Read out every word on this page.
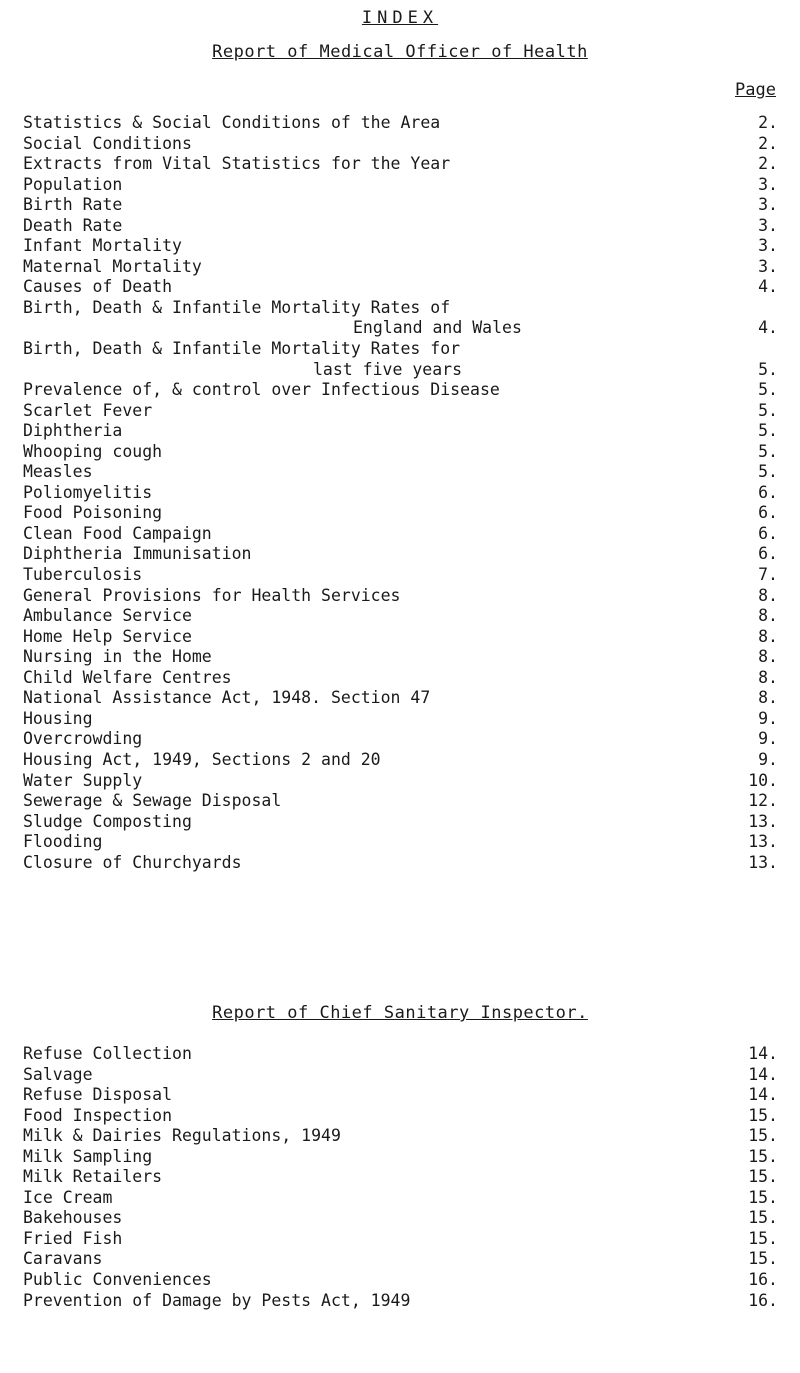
INDEX
Report of Medical Officer of Health
Page
Statistics & Social Conditions of the Area	2.
Social Conditions	2.
Extracts from Vital Statistics for the Year	2.
Population	3.
Birth Rate	3.
Death Rate	3.
Infant Mortality	3.
Maternal Mortality	3.
Causes of Death	4.
Birth, Death & Infantile Mortality Rates of
England and Wales	4.
Birth, Death & Infantile Mortality Rates for
last five years	5.
Prevalence of, & control over Infectious Disease	5.
Scarlet Fever	5.
Diphtheria	5.
Whooping cough	5.
Measles	5.
Poliomyelitis	6.
Food Poisoning	6.
Clean Food Campaign	6.
Diphtheria Immunisation	6.
Tuberculosis	7.
General Provisions for Health Services	8.
Ambulance Service	8.
Home Help Service	8.
Nursing in the Home	8.
Child Welfare Centres	8.
National Assistance Act, 1948. Section 47	8.
Housing	9.
Overcrowding	9.
Housing Act, 1949, Sections 2 and 20	9.
Water Supply	10.
Sewerage & Sewage Disposal	12.
Sludge Composting	13.
Flooding	13.
Closure of Churchyards	13.
Report of Chief Sanitary Inspector.
Refuse Collection	14.
Salvage	14.
Refuse Disposal	14.
Food Inspection	15.
Milk & Dairies Regulations, 1949	15.
Milk Sampling	15.
Milk Retailers	15.
Ice Cream	15.
Bakehouses	15.
Fried Fish	15.
Caravans	15.
Public Conveniences	16.
Prevention of Damage by Pests Act, 1949	16.
